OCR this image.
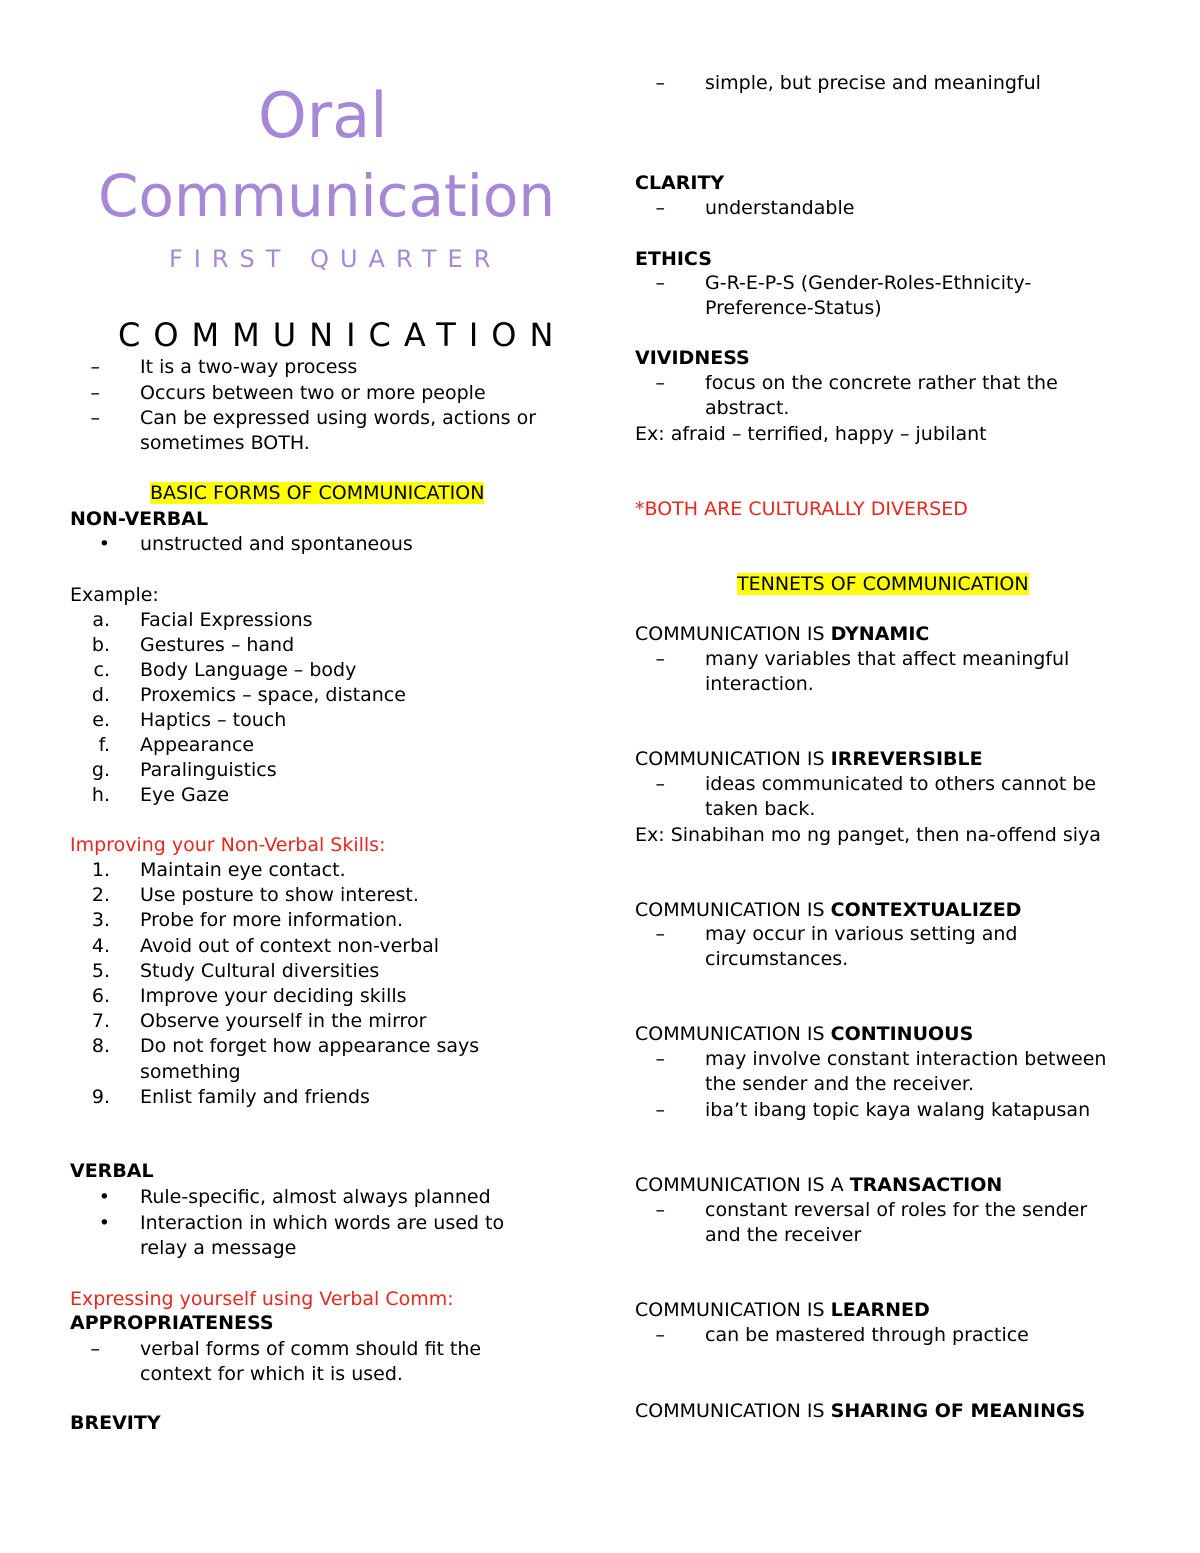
Oral
Communication
FIRST QUARTER
COMMUNICATION
– It is a two-way process
– Occurs between two or more people
– Can be expressed using words, actions or
sometimes BOTH.
BASIC FORMS OF COMMUNICATION
NON-VERBAL
• unstructed and spontaneous
Example:
a. Facial Expressions
b. Gestures – hand
c. Body Language – body
d. Proxemics – space, distance
e. Haptics – touch
f. Appearance
g. Paralinguistics
h. Eye Gaze
Improving your Non-Verbal Skills:
1. Maintain eye contact.
2. Use posture to show interest.
3. Probe for more information.
4. Avoid out of context non-verbal
5. Study Cultural diversities
6. Improve your deciding skills
7. Observe yourself in the mirror
8. Do not forget how appearance says
something
9. Enlist family and friends
VERBAL
• Rule-specific, almost always planned
• Interaction in which words are used to
relay a message
Expressing yourself using Verbal Comm:
APPROPRIATENESS
– verbal forms of comm should fit the
context for which it is used.
BREVITY
– simple, but precise and meaningful
CLARITY
– understandable
ETHICS
– G-R-E-P-S (Gender-Roles-Ethnicity-
Preference-Status)
VIVIDNESS
– focus on the concrete rather that the
abstract.
Ex: afraid – terrified, happy – jubilant
*BOTH ARE CULTURALLY DIVERSED
TENNETS OF COMMUNICATION
COMMUNICATION IS DYNAMIC
– many variables that affect meaningful
interaction.
COMMUNICATION IS IRREVERSIBLE
– ideas communicated to others cannot be
taken back.
Ex: Sinabihan mo ng panget, then na-offend siya
COMMUNICATION IS CONTEXTUALIZED
– may occur in various setting and
circumstances.
COMMUNICATION IS CONTINUOUS
– may involve constant interaction between
the sender and the receiver.
– iba’t ibang topic kaya walang katapusan
COMMUNICATION IS A TRANSACTION
– constant reversal of roles for the sender
and the receiver
COMMUNICATION IS LEARNED
– can be mastered through practice
COMMUNICATION IS SHARING OF MEANINGS
